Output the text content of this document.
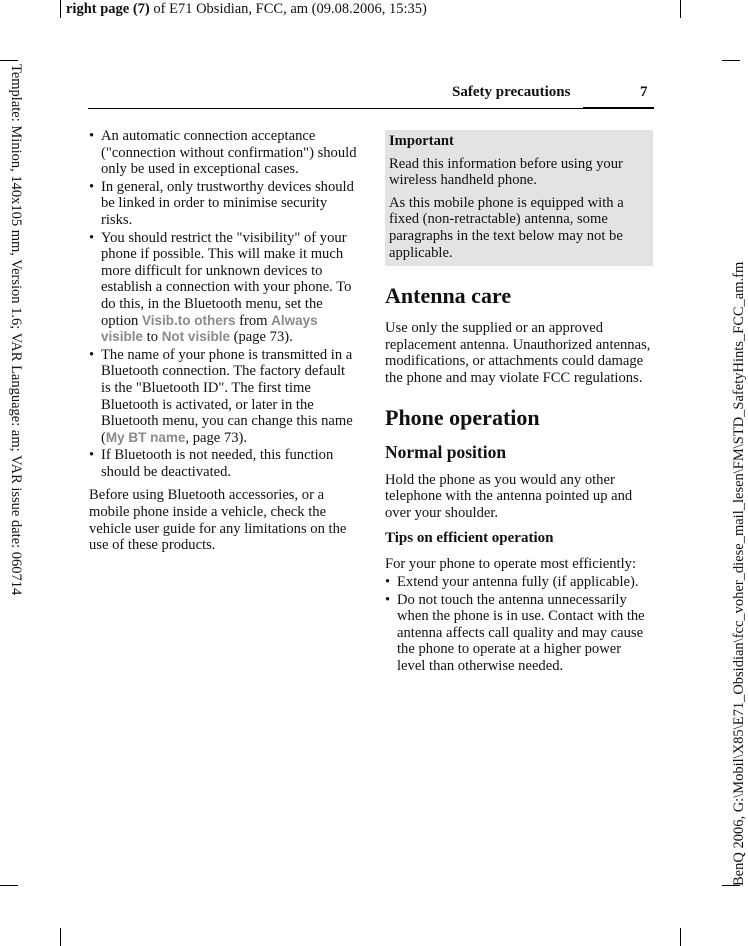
right page (7) of E71 Obsidian, FCC, am (09.08.2006, 15:35)
Template: Minion, 140x105 mm, Version 1.6; VAR Language: am; VAR issue date: 060714	BenQ 2006, G:\Mobil\X85\E71_Obsidian\fcc_voher_diese_mail_lesen\FM\STD_SafetyHints_FCC_am.fm
Safety precautions	7
• An automatic connection acceptance ("connection without confirmation") should only be used in exceptional cases.
• In general, only trustworthy devices should be linked in order to minimise security risks.
• You should restrict the "visibility" of your phone if possible. This will make it much more difficult for unknown devices to establish a connection with your phone. To do this, in the Bluetooth menu, set the option Visib.to others from Always visible to Not visible (page 73).
• The name of your phone is transmitted in a Bluetooth connection. The factory default is the "Bluetooth ID". The first time Bluetooth is activated, or later in the Bluetooth menu, you can change this name (My BT name, page 73).
• If Bluetooth is not needed, this function should be deactivated.

Before using Bluetooth accessories, or a mobile phone inside a vehicle, check the vehicle user guide for any limitations on the use of these products.

Important

Read this information before using your wireless handheld phone.

As this mobile phone is equipped with a fixed (non-retractable) antenna, some paragraphs in the text below may not be applicable.

Antenna care

Use only the supplied or an approved replacement antenna. Unauthorized antennas, modifications, or attachments could damage the phone and may violate FCC regulations.

Phone operation
Normal position

Hold the phone as you would any other telephone with the antenna pointed up and over your shoulder.

Tips on efficient operation

For your phone to operate most efficiently:

• Extend your antenna fully (if applicable).
• Do not touch the antenna unnecessarily when the phone is in use. Contact with the antenna affects call quality and may cause the phone to operate at a higher power level than otherwise needed.
